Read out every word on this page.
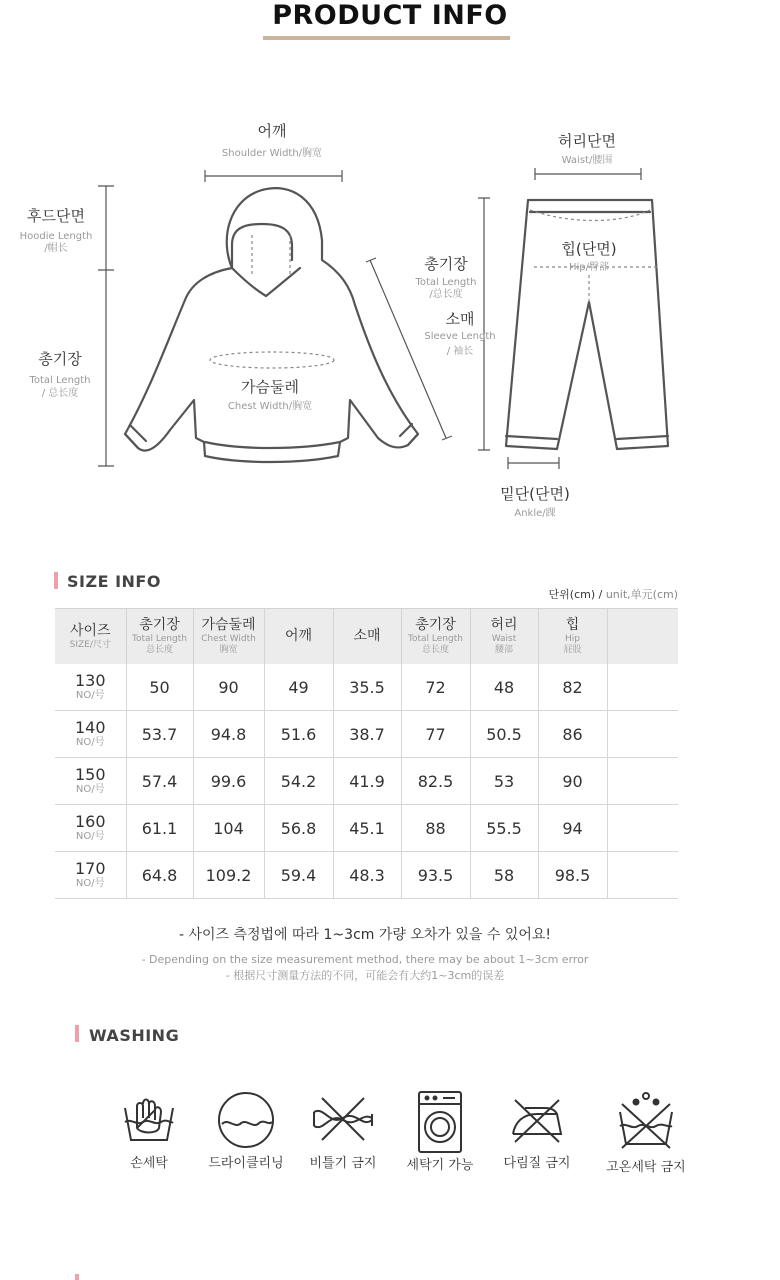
PRODUCT INFO
어깨
Shoulder Width/胸宽
후드단면
Hoodie Length
/帽长
총기장
Total Length
/ 总长度	가슴둘레
Chest Width/胸宽
총기장
Total Length
/总长度
소매
Sleeve Length
/ 袖长
허리단면
Waist/腰围
힙(단면)
Hip/臀部
밑단(단면)
Ankle/踝
SIZE INFO
단위(cm) / unit,单元(cm)
사이즈
SIZE/尺寸	총기장
Total Length
总长度	가슴둘레
Chest Width
胸宽	어깨	소매	총기장
Total Length
总长度	허리
Waist
腰部	힙
Hip
屁股	

130
NO/号	50	90	49	35.5	72	48	82	

140
NO/号	53.7	94.8	51.6	38.7	77	50.5	86	

150
NO/号	57.4	99.6	54.2	41.9	82.5	53	90	

160
NO/号	61.1	104	56.8	45.1	88	55.5	94	

170
NO/号	64.8	109.2	59.4	48.3	93.5	58	98.5	
- 사이즈 측정법에 따라 1~3cm 가량 오차가 있을 수 있어요!
- Depending on the size measurement method, there may be about 1~3cm error
- 根据尺寸测量方法的不同，可能会有大约1~3cm的误差
WASHING
손세탁	드라이클리닝	비틀기 금지	세탁기 가능	다림질 금지	고온세탁 금지
